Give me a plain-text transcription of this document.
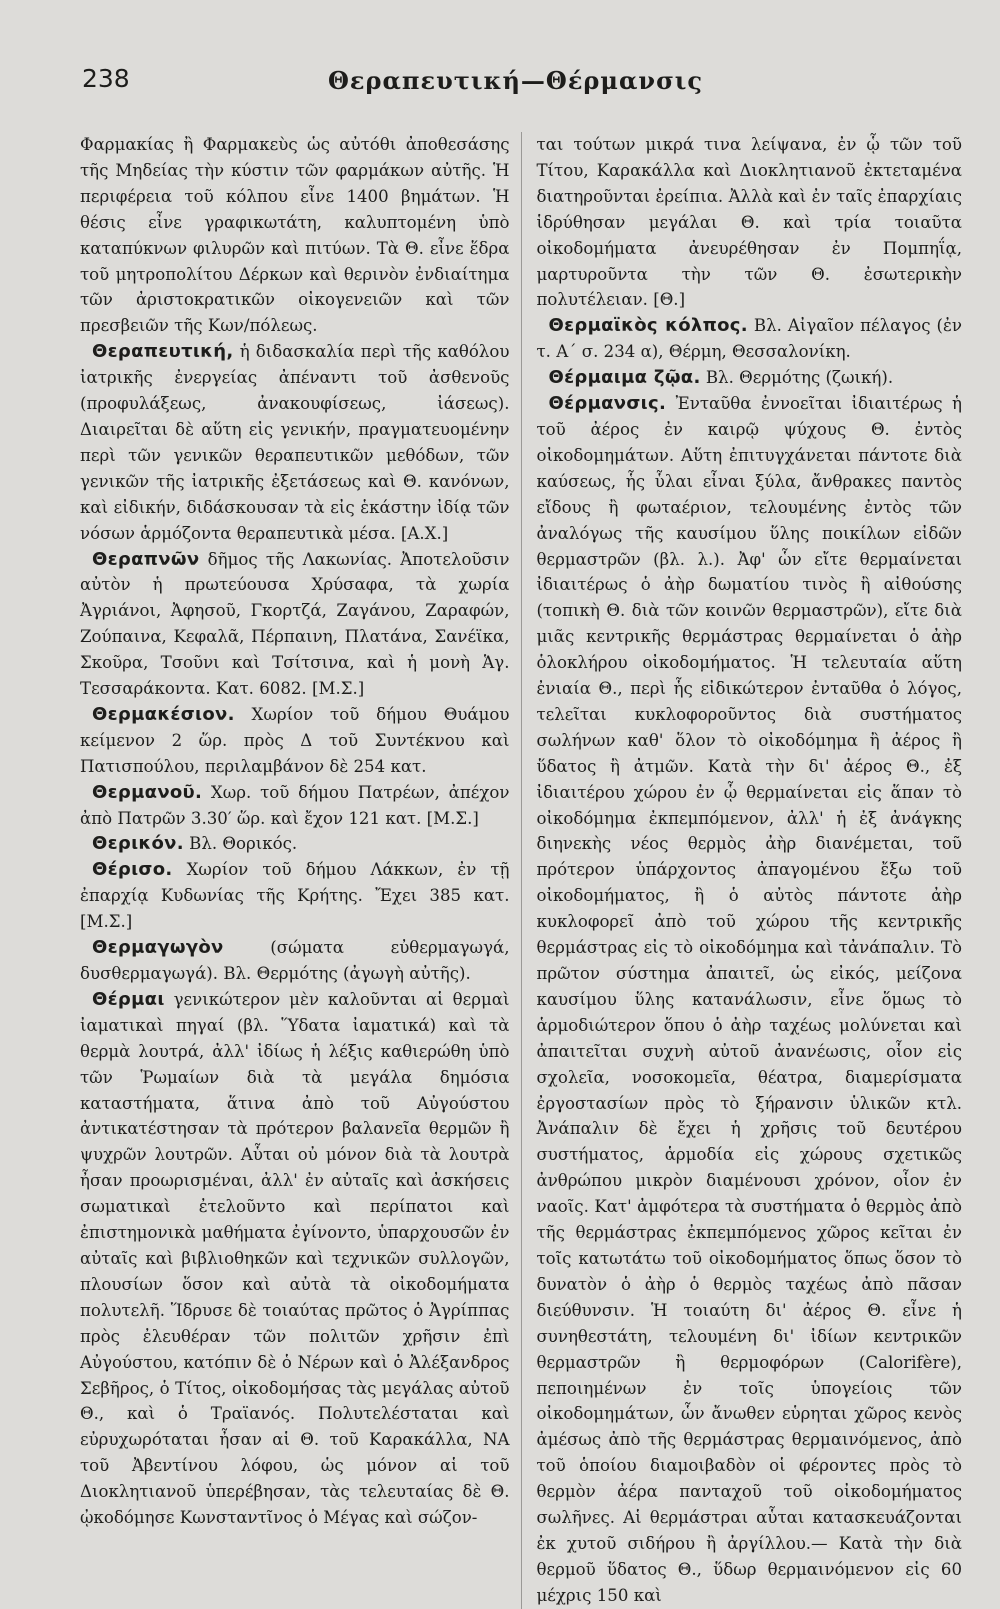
238	Θεραπευτική—Θέρμανσις

Φαρμακίας ἢ Φαρμακεὺς ὡς αὐτόθι ἀποθεσάσης τῆς Μηδείας τὴν κύστιν τῶν φαρμάκων αὐτῆς. Ἡ περιφέρεια τοῦ κόλπου εἶνε 1400 βημάτων. Ἡ θέσις εἶνε γραφικωτάτη, καλυπτομένη ὑπὸ καταπύκνων φιλυρῶν καὶ πιτύων. Τὰ Θ. εἶνε ἕδρα τοῦ μητροπολίτου Δέρκων καὶ θερινὸν ἐνδιαίτημα τῶν ἀριστοκρατικῶν οἰκογενειῶν καὶ τῶν πρεσβειῶν τῆς Κων/πόλεως.

Θεραπευτική, ἡ διδασκαλία περὶ τῆς καθόλου ἰατρικῆς ἐνεργείας ἀπέναντι τοῦ ἀσθενοῦς (προφυλάξεως, ἀνακουφίσεως, ἰάσεως). Διαιρεῖται δὲ αὕτη εἰς γενικήν, πραγματευομένην περὶ τῶν γενικῶν θεραπευτικῶν μεθόδων, τῶν γενικῶν τῆς ἰατρικῆς ἐξετάσεως καὶ Θ. κανόνων, καὶ εἰδικήν, διδάσκουσαν τὰ εἰς ἑκάστην ἰδίᾳ τῶν νόσων ἁρμόζοντα θεραπευτικὰ μέσα. [Α.Χ.]

Θεραπνῶν δῆμος τῆς Λακωνίας. Ἀποτελοῦσιν αὐτὸν ἡ πρωτεύουσα Χρύσαφα, τὰ χωρία Ἀγριάνοι, Ἀφησοῦ, Γκορτζά, Ζαγάνου, Ζαραφών, Ζούπαινα, Κεφαλᾶ, Πέρπαινη, Πλατάνα, Σανέϊκα, Σκοῦρα, Τσοῦνι καὶ Τσίτσινα, καὶ ἡ μονὴ Ἁγ. Τεσσαράκοντα. Κατ. 6082. [Μ.Σ.]

Θερμακέσιον. Χωρίον τοῦ δήμου Θυάμου κείμενον 2 ὥρ. πρὸς Δ τοῦ Συντέκνου καὶ Πατισπούλου, περιλαμβάνον δὲ 254 κατ.

Θερμανοῦ. Χωρ. τοῦ δήμου Πατρέων, ἀπέχον ἀπὸ Πατρῶν 3.30′ ὥρ. καὶ ἔχον 121 κατ. [Μ.Σ.]

Θερικόν. Βλ. Θορικός.

Θέρισο. Χωρίον τοῦ δήμου Λάκκων, ἐν τῇ ἐπαρχίᾳ Κυδωνίας τῆς Κρήτης. Ἔχει 385 κατ. [Μ.Σ.]

Θερμαγωγὸν (σώματα εὐθερμαγωγά, δυσθερμαγωγά). Βλ. Θερμότης (ἀγωγὴ αὐτῆς).

Θέρμαι γενικώτερον μὲν καλοῦνται αἱ θερμαὶ ἰαματικαὶ πηγαί (βλ. Ὕδατα ἰαματικά) καὶ τὰ θερμὰ λουτρά, ἀλλ' ἰδίως ἡ λέξις καθιερώθη ὑπὸ τῶν Ῥωμαίων διὰ τὰ μεγάλα δημόσια καταστήματα, ἅτινα ἀπὸ τοῦ Αὐγούστου ἀντικατέστησαν τὰ πρότερον βαλανεῖα θερμῶν ἢ ψυχρῶν λουτρῶν. Αὗται οὐ μόνον διὰ τὰ λουτρὰ ἦσαν προωρισμέναι, ἀλλ' ἐν αὐταῖς καὶ ἀσκήσεις σωματικαὶ ἐτελοῦντο καὶ περίπατοι καὶ ἐπιστημονικὰ μαθήματα ἐγίνοντο, ὑπαρχουσῶν ἐν αὐταῖς καὶ βιβλιοθηκῶν καὶ τεχνικῶν συλλογῶν, πλουσίων ὅσον καὶ αὐτὰ τὰ οἰκοδομήματα πολυτελῆ. Ἵδρυσε δὲ τοιαύτας πρῶτος ὁ Ἀγρίππας πρὸς ἐλευθέραν τῶν πολιτῶν χρῆσιν ἐπὶ Αὐγούστου, κατόπιν δὲ ὁ Νέρων καὶ ὁ Ἀλέξανδρος Σεβῆρος, ὁ Τίτος, οἰκοδομήσας τὰς μεγάλας αὐτοῦ Θ., καὶ ὁ Τραϊανός. Πολυτελέσταται καὶ εὐρυχωρόταται ἦσαν αἱ Θ. τοῦ Καρακάλλα, ΝΑ τοῦ Ἀβεντίνου λόφου, ὡς μόνον αἱ τοῦ Διοκλητιανοῦ ὑπερέβησαν, τὰς τελευταίας δὲ Θ. ᾠκοδόμησε Κωνσταντῖνος ὁ Μέγας καὶ σώζον-

ται τούτων μικρά τινα λείψανα, ἐν ᾧ τῶν τοῦ Τίτου, Καρακάλλα καὶ Διοκλητιανοῦ ἐκτεταμένα διατηροῦνται ἐρείπια. Ἀλλὰ καὶ ἐν ταῖς ἐπαρχίαις ἱδρύθησαν μεγάλαι Θ. καὶ τρία τοιαῦτα οἰκοδομήματα ἀνευρέθησαν ἐν Πομπηΐᾳ, μαρτυροῦντα τὴν τῶν Θ. ἐσωτερικὴν πολυτέλειαν. [Θ.]

Θερμαϊκὸς κόλπος. Βλ. Αἰγαῖον πέλαγος (ἐν τ. Α΄ σ. 234 α), Θέρμη, Θεσσαλονίκη.

Θέρμαιμα ζῷα. Βλ. Θερμότης (ζωική).

Θέρμανσις. Ἐνταῦθα ἐννοεῖται ἰδιαιτέρως ἡ τοῦ ἀέρος ἐν καιρῷ ψύχους Θ. ἐντὸς οἰκοδομημάτων. Αὕτη ἐπιτυγχάνεται πάντοτε διὰ καύσεως, ἧς ὗλαι εἶναι ξύλα, ἄνθρακες παντὸς εἴδους ἢ φωταέριον, τελουμένης ἐντὸς τῶν ἀναλόγως τῆς καυσίμου ὕλης ποικίλων εἰδῶν θερμαστρῶν (βλ. λ.). Ἀφ' ὧν εἴτε θερμαίνεται ἰδιαιτέρως ὁ ἀὴρ δωματίου τινὸς ἢ αἰθούσης (τοπικὴ Θ. διὰ τῶν κοινῶν θερμαστρῶν), εἴτε διὰ μιᾶς κεντρικῆς θερμάστρας θερμαίνεται ὁ ἀὴρ ὁλοκλήρου οἰκοδομήματος. Ἡ τελευταία αὕτη ἐνιαία Θ., περὶ ἧς εἰδικώτερον ἐνταῦθα ὁ λόγος, τελεῖται κυκλοφοροῦντος διὰ συστήματος σωλήνων καθ' ὅλον τὸ οἰκοδόμημα ἢ ἀέρος ἢ ὕδατος ἢ ἀτμῶν. Κατὰ τὴν δι' ἀέρος Θ., ἐξ ἰδιαιτέρου χώρου ἐν ᾧ θερμαίνεται εἰς ἅπαν τὸ οἰκοδόμημα ἐκπεμπόμενον, ἀλλ' ἡ ἐξ ἀνάγκης διηνεκὴς νέος θερμὸς ἀὴρ διανέμεται, τοῦ πρότερον ὑπάρχοντος ἀπαγομένου ἔξω τοῦ οἰκοδομήματος, ἢ ὁ αὐτὸς πάντοτε ἀὴρ κυκλοφορεῖ ἀπὸ τοῦ χώρου τῆς κεντρικῆς θερμάστρας εἰς τὸ οἰκοδόμημα καὶ τἀνάπαλιν. Τὸ πρῶτον σύστημα ἀπαιτεῖ, ὡς εἰκός, μείζονα καυσίμου ὕλης κατανάλωσιν, εἶνε ὅμως τὸ ἁρμοδιώτερον ὅπου ὁ ἀὴρ ταχέως μολύνεται καὶ ἀπαιτεῖται συχνὴ αὐτοῦ ἀνανέωσις, οἷον εἰς σχολεῖα, νοσοκομεῖα, θέατρα, διαμερίσματα ἐργοστασίων πρὸς τὸ ξήρανσιν ὑλικῶν κτλ. Ἀνάπαλιν δὲ ἔχει ἡ χρῆσις τοῦ δευτέρου συστήματος, ἁρμοδία εἰς χώρους σχετικῶς ἀνθρώπου μικρὸν διαμένουσι χρόνον, οἷον ἐν ναοῖς. Κατ' ἀμφότερα τὰ συστήματα ὁ θερμὸς ἀπὸ τῆς θερμάστρας ἐκπεμπόμενος χῶρος κεῖται ἐν τοῖς κατωτάτω τοῦ οἰκοδομήματος ὅπως ὅσον τὸ δυνατὸν ὁ ἀὴρ ὁ θερμὸς ταχέως ἀπὸ πᾶσαν διεύθυνσιν. Ἡ τοιαύτη δι' ἀέρος Θ. εἶνε ἡ συνηθεστάτη, τελουμένη δι' ἰδίων κεντρικῶν θερμαστρῶν ἢ θερμοφόρων (Calorifère), πεποιημένων ἐν τοῖς ὑπογείοις τῶν οἰκοδομημάτων, ὧν ἄνωθεν εὑρηται χῶρος κενὸς ἀμέσως ἀπὸ τῆς θερμάστρας θερμαινόμενος, ἀπὸ τοῦ ὁποίου διαμοιβαδὸν οἱ φέροντες πρὸς τὸ θερμὸν ἀέρα πανταχοῦ τοῦ οἰκοδομήματος σωλῆνες. Αἱ θερμάστραι αὗται κατασκευάζονται ἐκ χυτοῦ σιδήρου ἢ ἀργίλλου.— Κατὰ τὴν διὰ θερμοῦ ὕδατος Θ., ὕδωρ θερμαινόμενον εἰς 60 μέχρις 150 καὶ
